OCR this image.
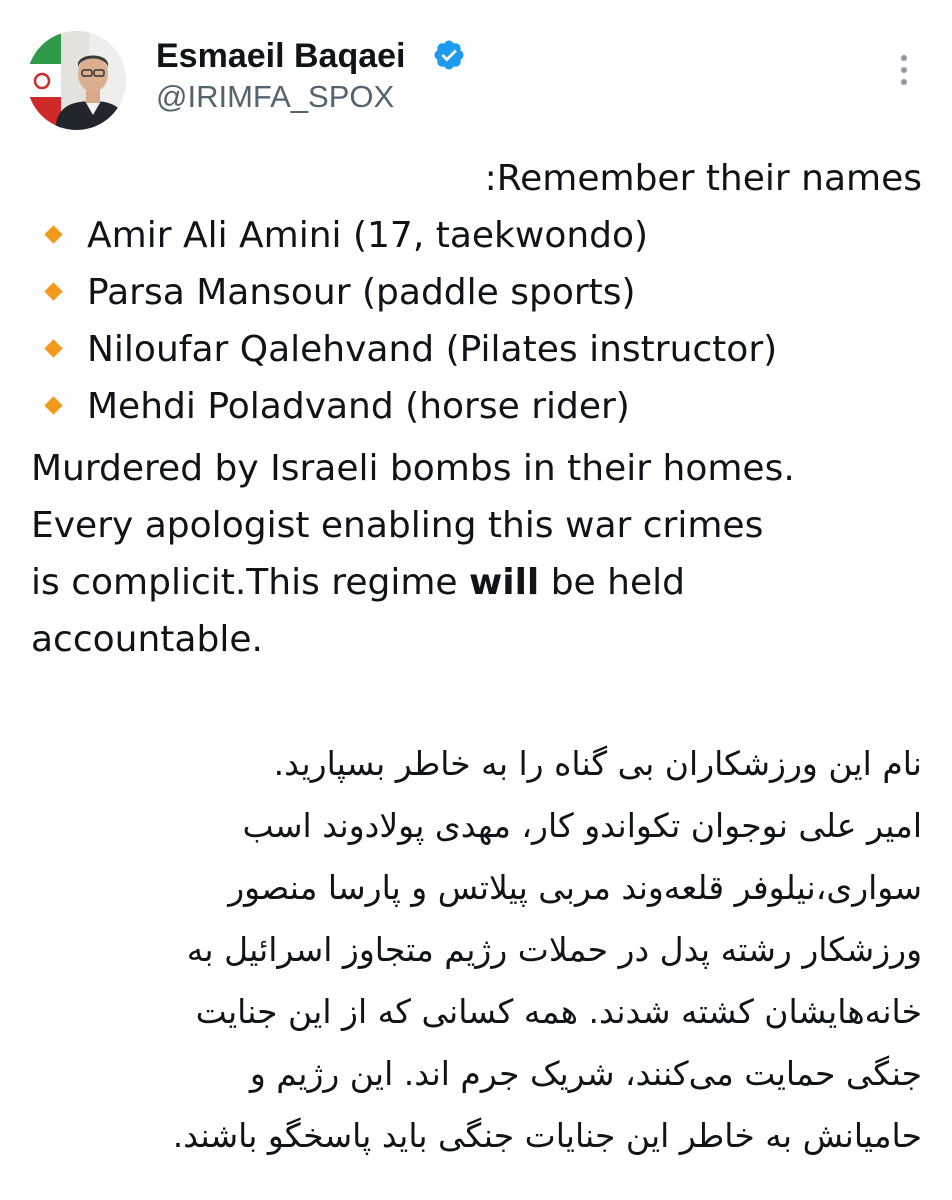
Esmaeil Baqaei
@IRIMFA_SPOX
:Remember their names
Amir Ali Amini (17, taekwondo)
Parsa Mansour (paddle sports)
Niloufar Qalehvand (Pilates instructor)
Mehdi Poladvand (horse rider)
Murdered by Israeli bombs in their homes.
Every apologist enabling this war crimes
is complicit.This regime will be held
accountable.
نام این ورزشکاران بی گناه را به خاطر بسپارید.
امیر علی نوجوان تکواندو کار، مهدی پولادوند اسب
سواری،نیلوفر قلعه‌وند مربی پیلاتس و پارسا منصور
ورزشکار رشته پدل در حملات رژیم متجاوز اسرائیل به
خانه‌هایشان کشته شدند. همه کسانی که از این جنایت
جنگی حمایت می‌کنند، شریک جرم اند. این رژیم و
حامیانش به خاطر این جنایات جنگی باید پاسخگو باشند.
